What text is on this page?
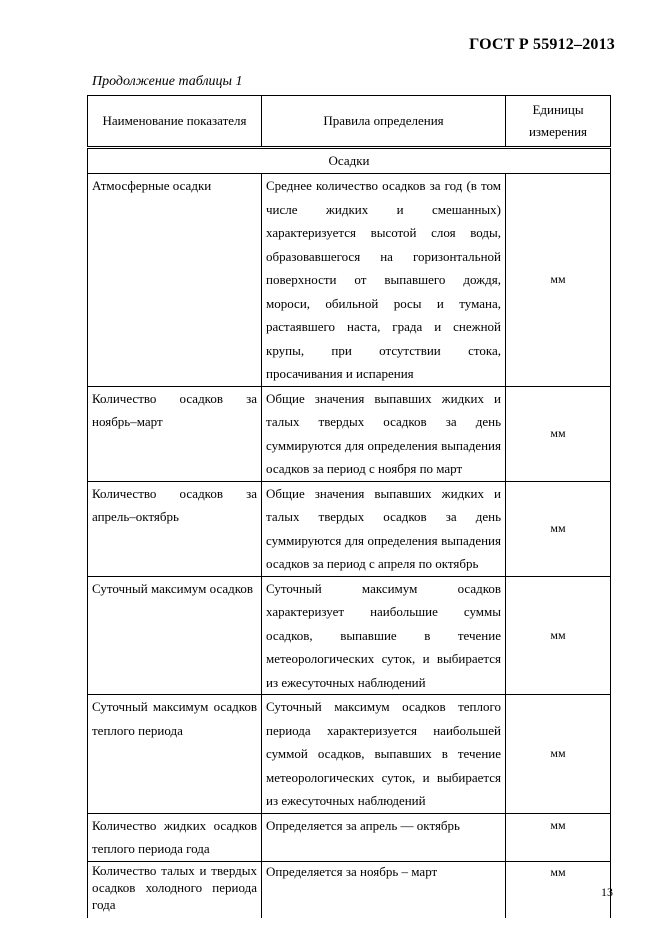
ГОСТ Р 55912–2013
Продолжение таблицы 1
Наименование показателя	Правила определения	Единицы измерения
Осадки		
Атмосферные осадки	Среднее количество осадков за год (в том числе жидких и смешанных) характеризуется высотой слоя воды, образовавшегося на горизонтальной поверхности от выпавшего дождя, мороси, обильной росы и тумана, растаявшего наста, града и снежной крупы, при отсутствии стока, просачивания и испарения	мм
Количество осадков за ноябрь–март	Общие значения выпавших жидких и талых твердых осадков за день суммируются для определения выпадения осадков за период с ноября по март	мм
Количество осадков за апрель–октябрь	Общие значения выпавших жидких и талых твердых осадков за день суммируются для определения выпадения осадков за период с апреля по октябрь	мм
Суточный максимум осадков	Суточный максимум осадков характеризует наибольшие суммы осадков, выпавшие в течение метеорологических суток, и выбирается из ежесуточных наблюдений	мм
Суточный максимум осадков теплого периода	Суточный максимум осадков теплого периода характеризуется наибольшей суммой осадков, выпавших в течение метеорологических суток, и выбирается из ежесуточных наблюдений	мм
Количество жидких осадков теплого периода года	Определяется за апрель — октябрь	мм
Количество талых и твердых осадков холодного периода года	Определяется за ноябрь – март	мм
13
